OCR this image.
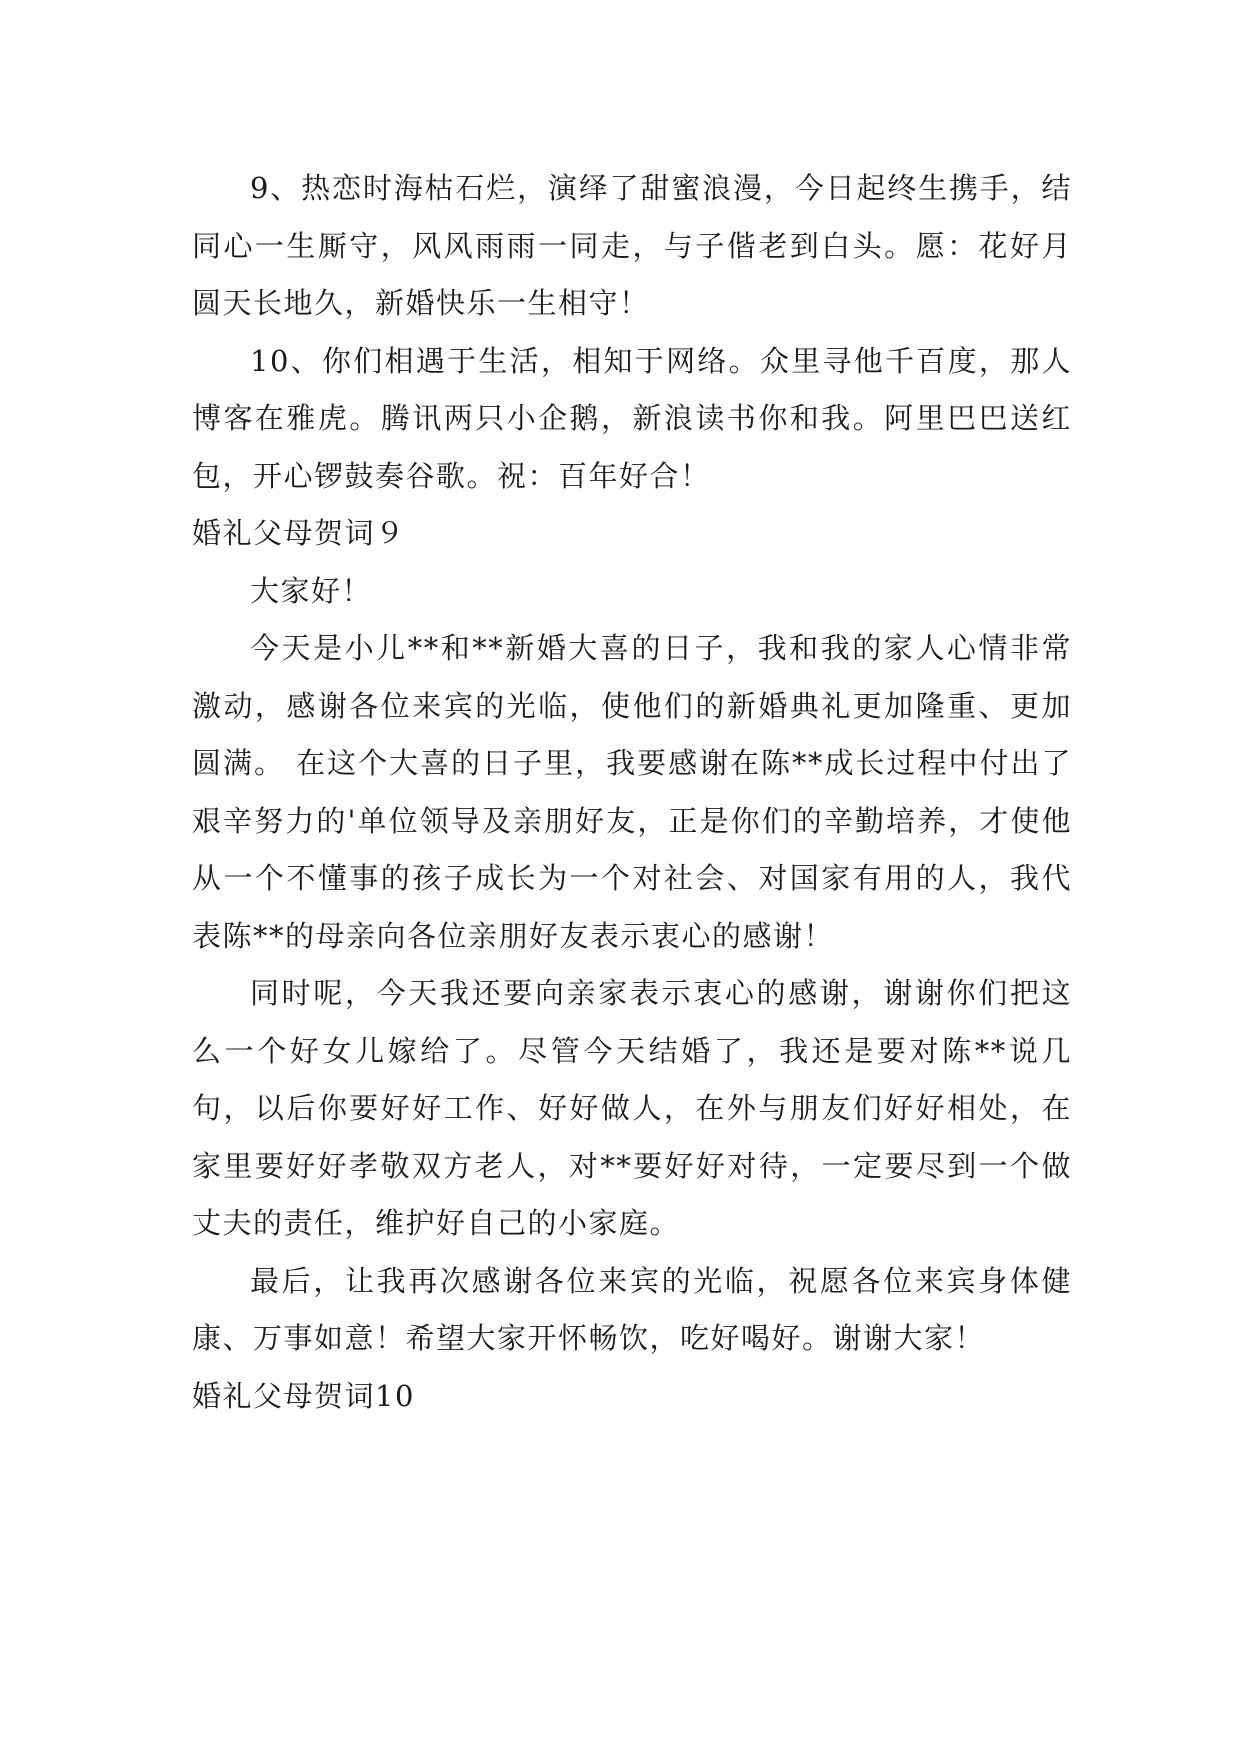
9、热恋时海枯石烂，演绎了甜蜜浪漫，今日起终生携手，结同心一生厮守，风风雨雨一同走，与子偕老到白头。愿：花好月圆天长地久，新婚快乐一生相守！

10、你们相遇于生活，相知于网络。众里寻他千百度，那人博客在雅虎。腾讯两只小企鹅，新浪读书你和我。阿里巴巴送红包，开心锣鼓奏谷歌。祝：百年好合！

婚礼父母贺词９

大家好！

今天是小儿**和**新婚大喜的日子，我和我的家人心情非常激动，感谢各位来宾的光临，使他们的新婚典礼更加隆重、更加圆满。 在这个大喜的日子里，我要感谢在陈**成长过程中付出了艰辛努力的'单位领导及亲朋好友，正是你们的辛勤培养，才使他从一个不懂事的孩子成长为一个对社会、对国家有用的人，我代表陈**的母亲向各位亲朋好友表示衷心的感谢！

同时呢，今天我还要向亲家表示衷心的感谢，谢谢你们把这么一个好女儿嫁给了。尽管今天结婚了，我还是要对陈**说几句，以后你要好好工作、好好做人，在外与朋友们好好相处，在家里要好好孝敬双方老人，对**要好好对待，一定要尽到一个做丈夫的责任，维护好自己的小家庭。

最后，让我再次感谢各位来宾的光临，祝愿各位来宾身体健康、万事如意！希望大家开怀畅饮，吃好喝好。谢谢大家！

婚礼父母贺词10
